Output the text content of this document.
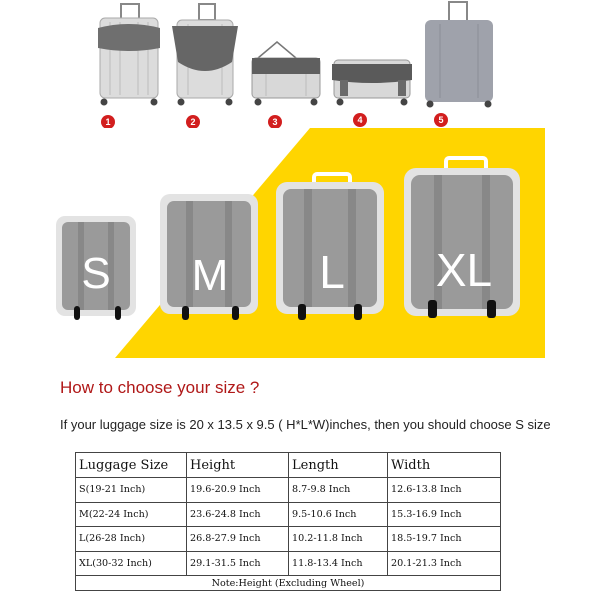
1	2	3	4	5
S M L XL
How to choose your size ?
If your luggage size is 20 x 13.5 x 9.5 ( H*L*W)inches, then you should choose S size
Luggage Size	Height	Length	Width
S(19-21 Inch)	19.6-20.9 Inch	8.7-9.8 Inch	12.6-13.8 Inch
M(22-24 Inch)	23.6-24.8 Inch	9.5-10.6 Inch	15.3-16.9 Inch
L(26-28 Inch)	26.8-27.9 Inch	10.2-11.8 Inch	18.5-19.7 Inch
XL(30-32 Inch)	29.1-31.5 Inch	11.8-13.4 Inch	20.1-21.3 Inch
Note:Height (Excluding Wheel)			
